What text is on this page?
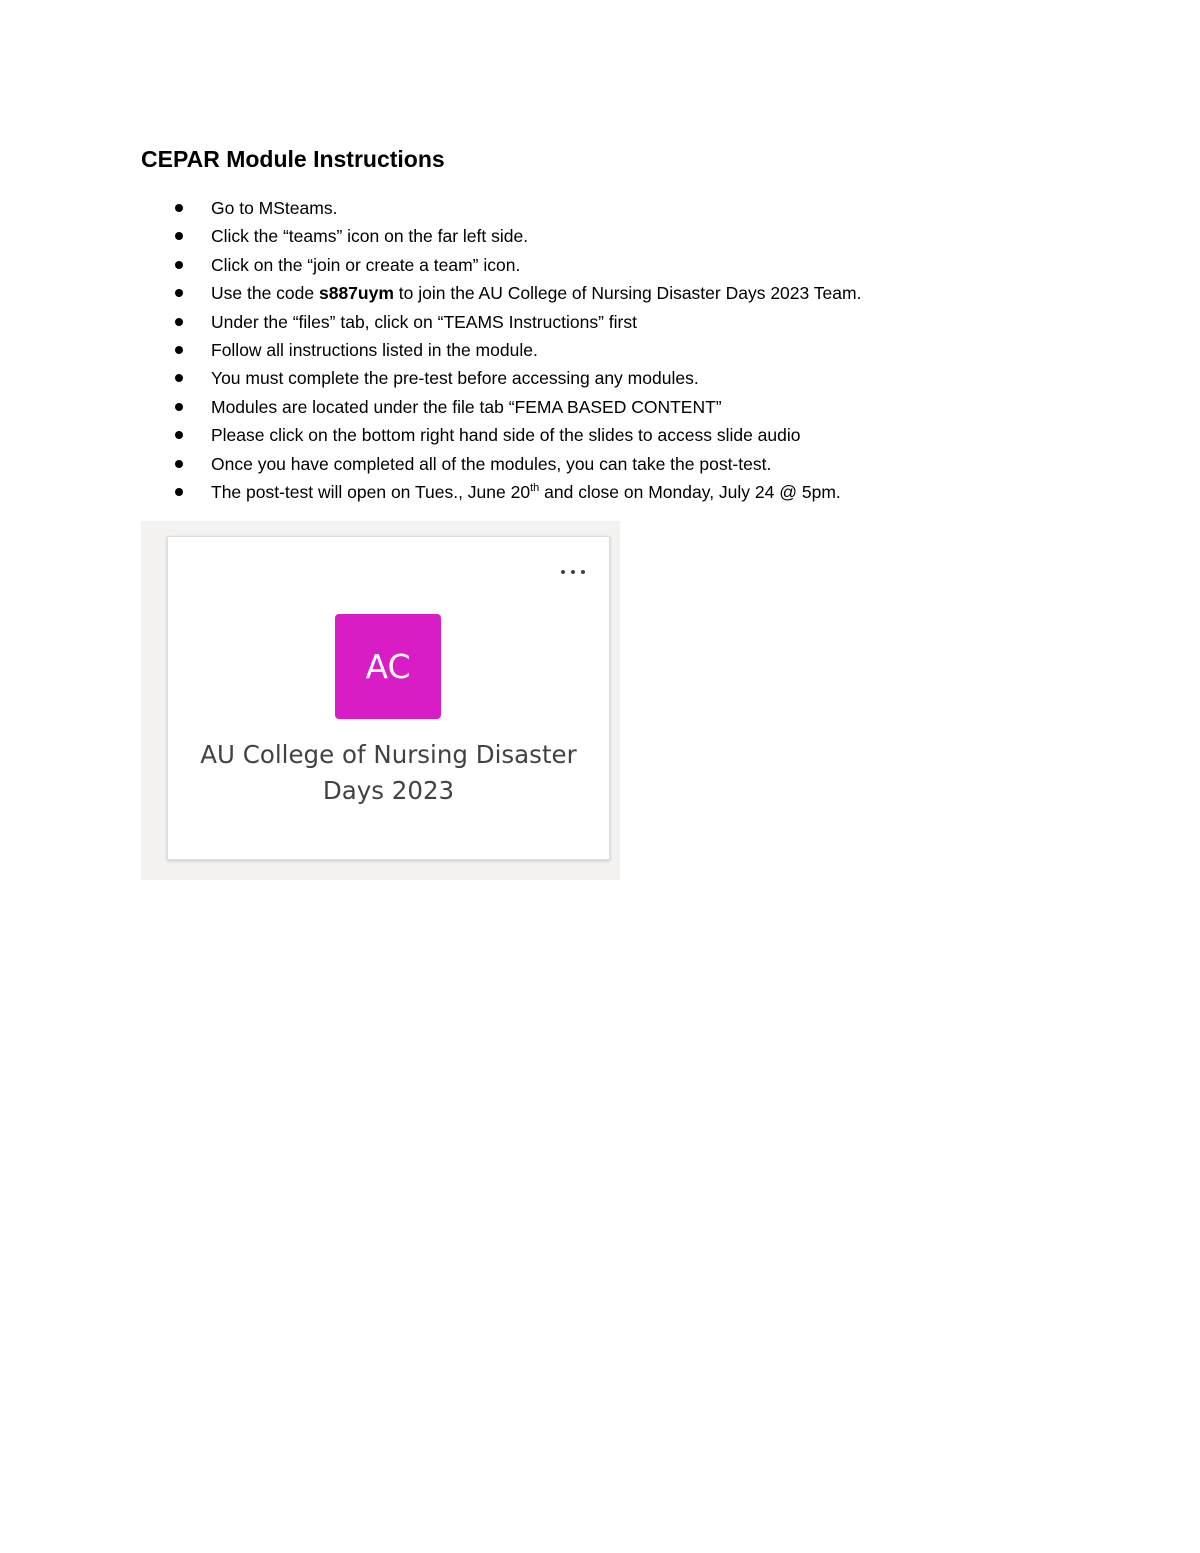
CEPAR Module Instructions
Go to MSteams.
Click the “teams” icon on the far left side.
Click on the “join or create a team” icon.
Use the code s887uym to join the AU College of Nursing Disaster Days 2023 Team.
Under the “files” tab, click on “TEAMS Instructions” first
Follow all instructions listed in the module.
You must complete the pre-test before accessing any modules.
Modules are located under the file tab “FEMA BASED CONTENT”
Please click on the bottom right hand side of the slides to access slide audio
Once you have completed all of the modules, you can take the post-test.
The post-test will open on Tues., June 20th and close on Monday, July 24 @ 5pm.
AC
AU College of Nursing Disaster Days 2023
